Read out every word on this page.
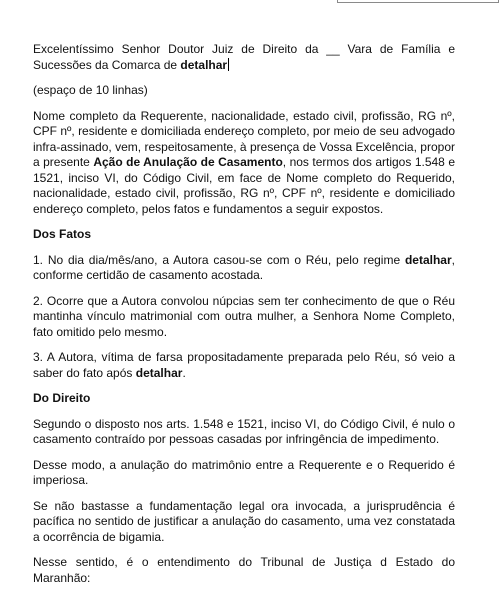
Excelentíssimo Senhor Doutor Juiz de Direito da __ Vara de Família e Sucessões da Comarca de detalhar

(espaço de 10 linhas)

Nome completo da Requerente, nacionalidade, estado civil, profissão, RG nº, CPF nº, residente e domiciliada endereço completo, por meio de seu advogado infra-assinado, vem, respeitosamente, à presença de Vossa Excelência, propor a presente Ação de Anulação de Casamento, nos termos dos artigos 1.548 e 1521, inciso VI, do Código Civil, em face de Nome completo do Requerido, nacionalidade, estado civil, profissão, RG nº, CPF nº, residente e domiciliado endereço completo, pelos fatos e fundamentos a seguir expostos.

Dos Fatos

1. No dia dia/mês/ano, a Autora casou-se com o Réu, pelo regime detalhar, conforme certidão de casamento acostada.

2. Ocorre que a Autora convolou núpcias sem ter conhecimento de que o Réu mantinha vínculo matrimonial com outra mulher, a Senhora Nome Completo, fato omitido pelo mesmo.

3. A Autora, vítima de farsa propositadamente preparada pelo Réu, só veio a saber do fato após detalhar.

Do Direito

Segundo o disposto nos arts. 1.548 e 1521, inciso VI, do Código Civil, é nulo o casamento contraído por pessoas casadas por infringência de impedimento.

Desse modo, a anulação do matrimônio entre a Requerente e o Requerido é imperiosa.

Se não bastasse a fundamentação legal ora invocada, a jurisprudência é pacífica no sentido de justificar a anulação do casamento, uma vez constatada a ocorrência de bigamia.

Nesse sentido, é o entendimento do Tribunal de Justiça d Estado do Maranhão:
